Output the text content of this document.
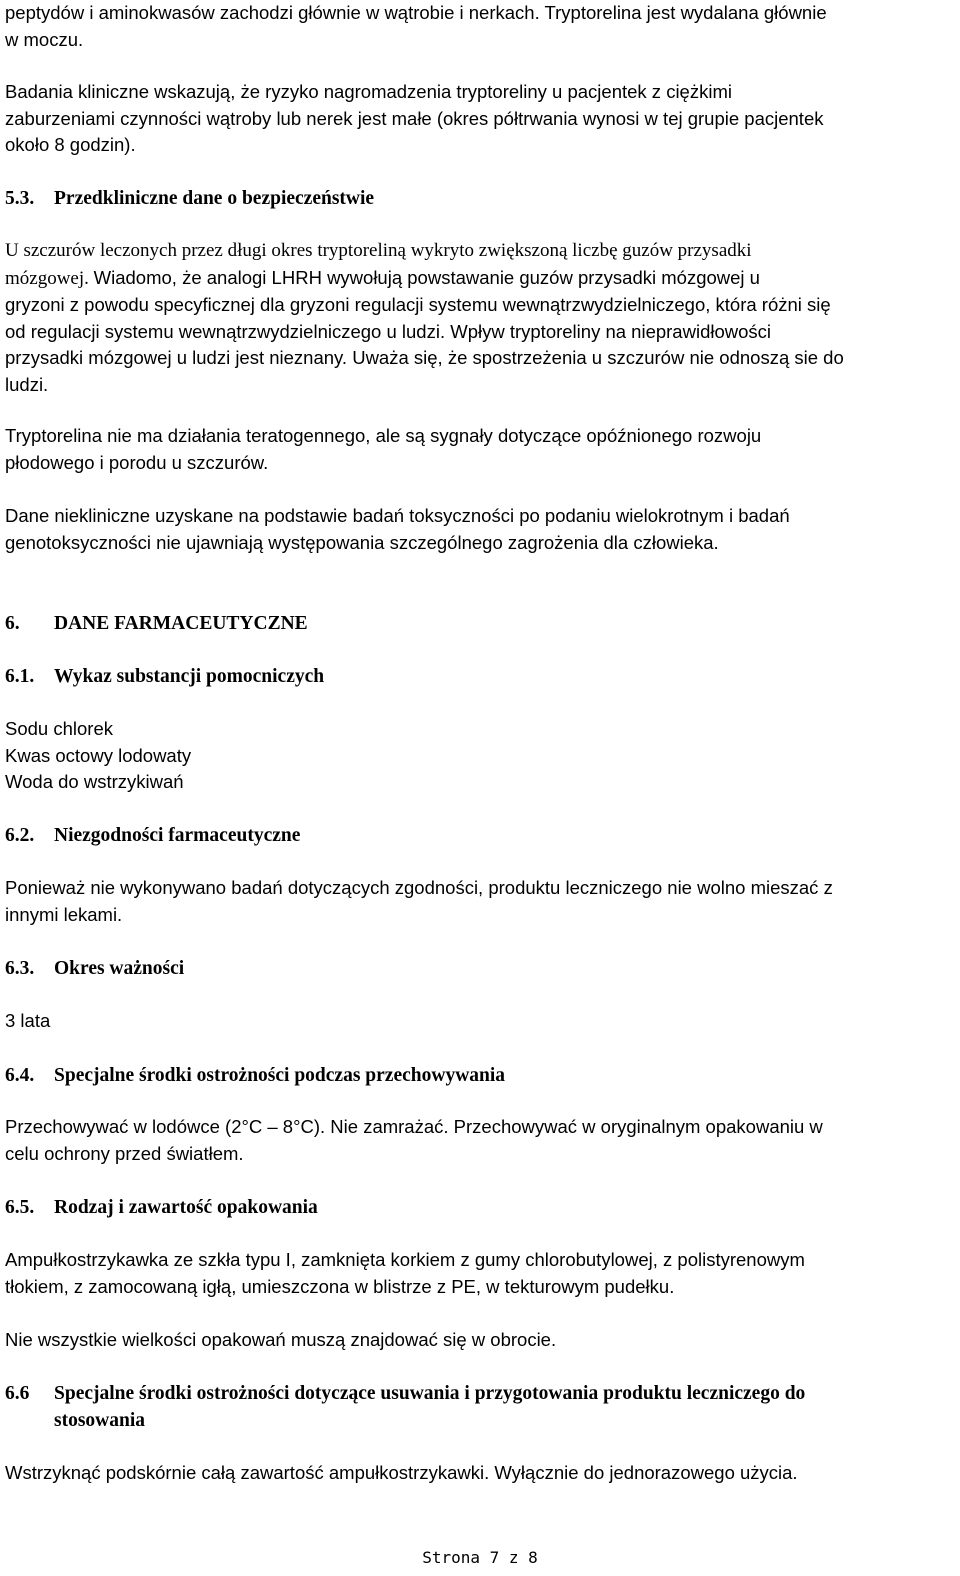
peptydów i aminokwasów zachodzi głównie w wątrobie i nerkach. Tryptorelina jest wydalana głównie
w moczu.
Badania kliniczne wskazują, że ryzyko nagromadzenia tryptoreliny u pacjentek z ciężkimi
zaburzeniami czynności wątroby lub nerek jest małe (okres półtrwania wynosi w tej grupie pacjentek
około 8 godzin).
5.3. Przedkliniczne dane o bezpieczeństwie
U szczurów leczonych przez długi okres tryptoreliną wykryto zwiększoną liczbę guzów przysadki
mózgowej. Wiadomo, że analogi LHRH wywołują powstawanie guzów przysadki mózgowej u
gryzoni z powodu specyficznej dla gryzoni regulacji systemu wewnątrzwydzielniczego, która różni się
od regulacji systemu wewnątrzwydzielniczego u ludzi. Wpływ tryptoreliny na nieprawidłowości
przysadki mózgowej u ludzi jest nieznany. Uważa się, że spostrzeżenia u szczurów nie odnoszą sie do
ludzi.
Tryptorelina nie ma działania teratogennego, ale są sygnały dotyczące opóźnionego rozwoju
płodowego i porodu u szczurów.
Dane niekliniczne uzyskane na podstawie badań toksyczności po podaniu wielokrotnym i badań
genotoksyczności nie ujawniają występowania szczególnego zagrożenia dla człowieka.
6. DANE FARMACEUTYCZNE
6.1. Wykaz substancji pomocniczych
Sodu chlorek
Kwas octowy lodowaty
Woda do wstrzykiwań
6.2. Niezgodności farmaceutyczne
Ponieważ nie wykonywano badań dotyczących zgodności, produktu leczniczego nie wolno mieszać z
innymi lekami.
6.3. Okres ważności
3 lata
6.4. Specjalne środki ostrożności podczas przechowywania
Przechowywać w lodówce (2°C – 8°C). Nie zamrażać. Przechowywać w oryginalnym opakowaniu w
celu ochrony przed światłem.
6.5. Rodzaj i zawartość opakowania
Ampułkostrzykawka ze szkła typu I, zamknięta korkiem z gumy chlorobutylowej, z polistyrenowym
tłokiem, z zamocowaną igłą, umieszczona w blistrze z PE, w tekturowym pudełku.
Nie wszystkie wielkości opakowań muszą znajdować się w obrocie.
6.6 Specjalne środki ostrożności dotyczące usuwania i przygotowania produktu leczniczego do
stosowania
Wstrzyknąć podskórnie całą zawartość ampułkostrzykawki. Wyłącznie do jednorazowego użycia.
Strona 7 z 8
